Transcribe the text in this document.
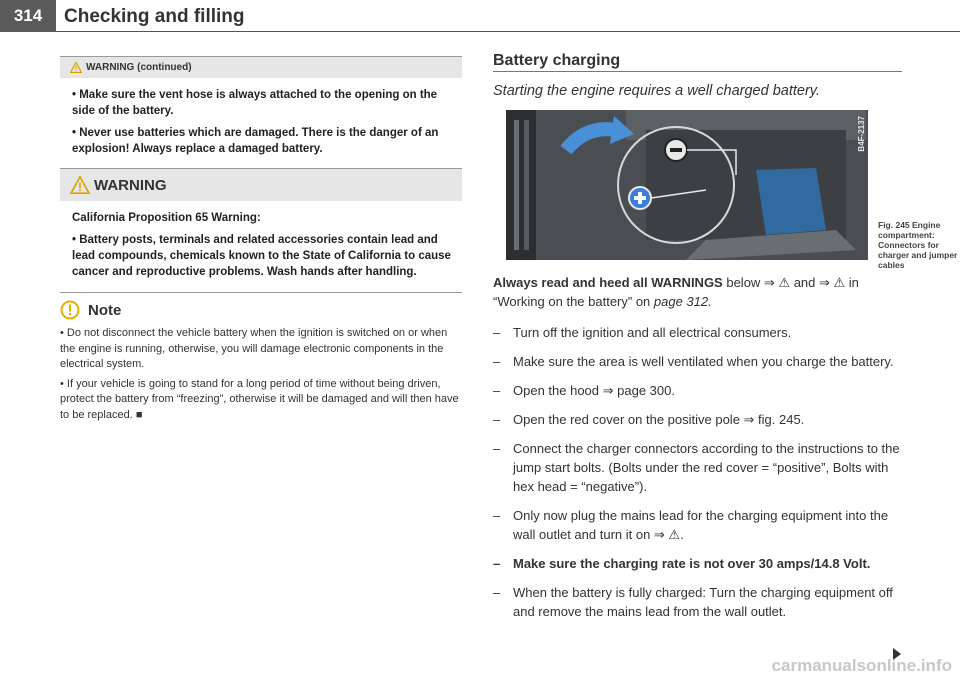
314	Checking and filling
WARNING (continued)

• Make sure the vent hose is always attached to the opening on the side of the battery.

• Never use batteries which are damaged. There is the danger of an explosion! Always replace a damaged battery.

WARNING

California Proposition 65 Warning:

• Battery posts, terminals and related accessories contain lead and lead compounds, chemicals known to the State of California to cause cancer and reproductive problems. Wash hands after handling.

Note

• Do not disconnect the vehicle battery when the ignition is switched on or when the engine is running, otherwise, you will damage electronic components in the electrical system.

• If your vehicle is going to stand for a long period of time without being driven, protect the battery from “freezing”, otherwise it will be damaged and will then have to be replaced. ■

Battery charging
Starting the engine requires a well charged battery.
B4F-2137
Fig. 245 Engine compartment: Connectors for charger and jumper cables

Always read and heed all WARNINGS below ⇒ ⚠ and ⇒ ⚠ in “Working on the battery” on page 312.

– Turn off the ignition and all electrical consumers.
– Make sure the area is well ventilated when you charge the battery.
– Open the hood ⇒ page 300.
– Open the red cover on the positive pole ⇒ fig. 245.
– Connect the charger connectors according to the instructions to the jump start bolts. (Bolts under the red cover = “positive”, Bolts with hex head = “negative”).
– Only now plug the mains lead for the charging equipment into the wall outlet and turn it on ⇒ ⚠.
– Make sure the charging rate is not over 30 amps/14.8 Volt.
– When the battery is fully charged: Turn the charging equipment off and remove the mains lead from the wall outlet.
carmanualsonline.info
